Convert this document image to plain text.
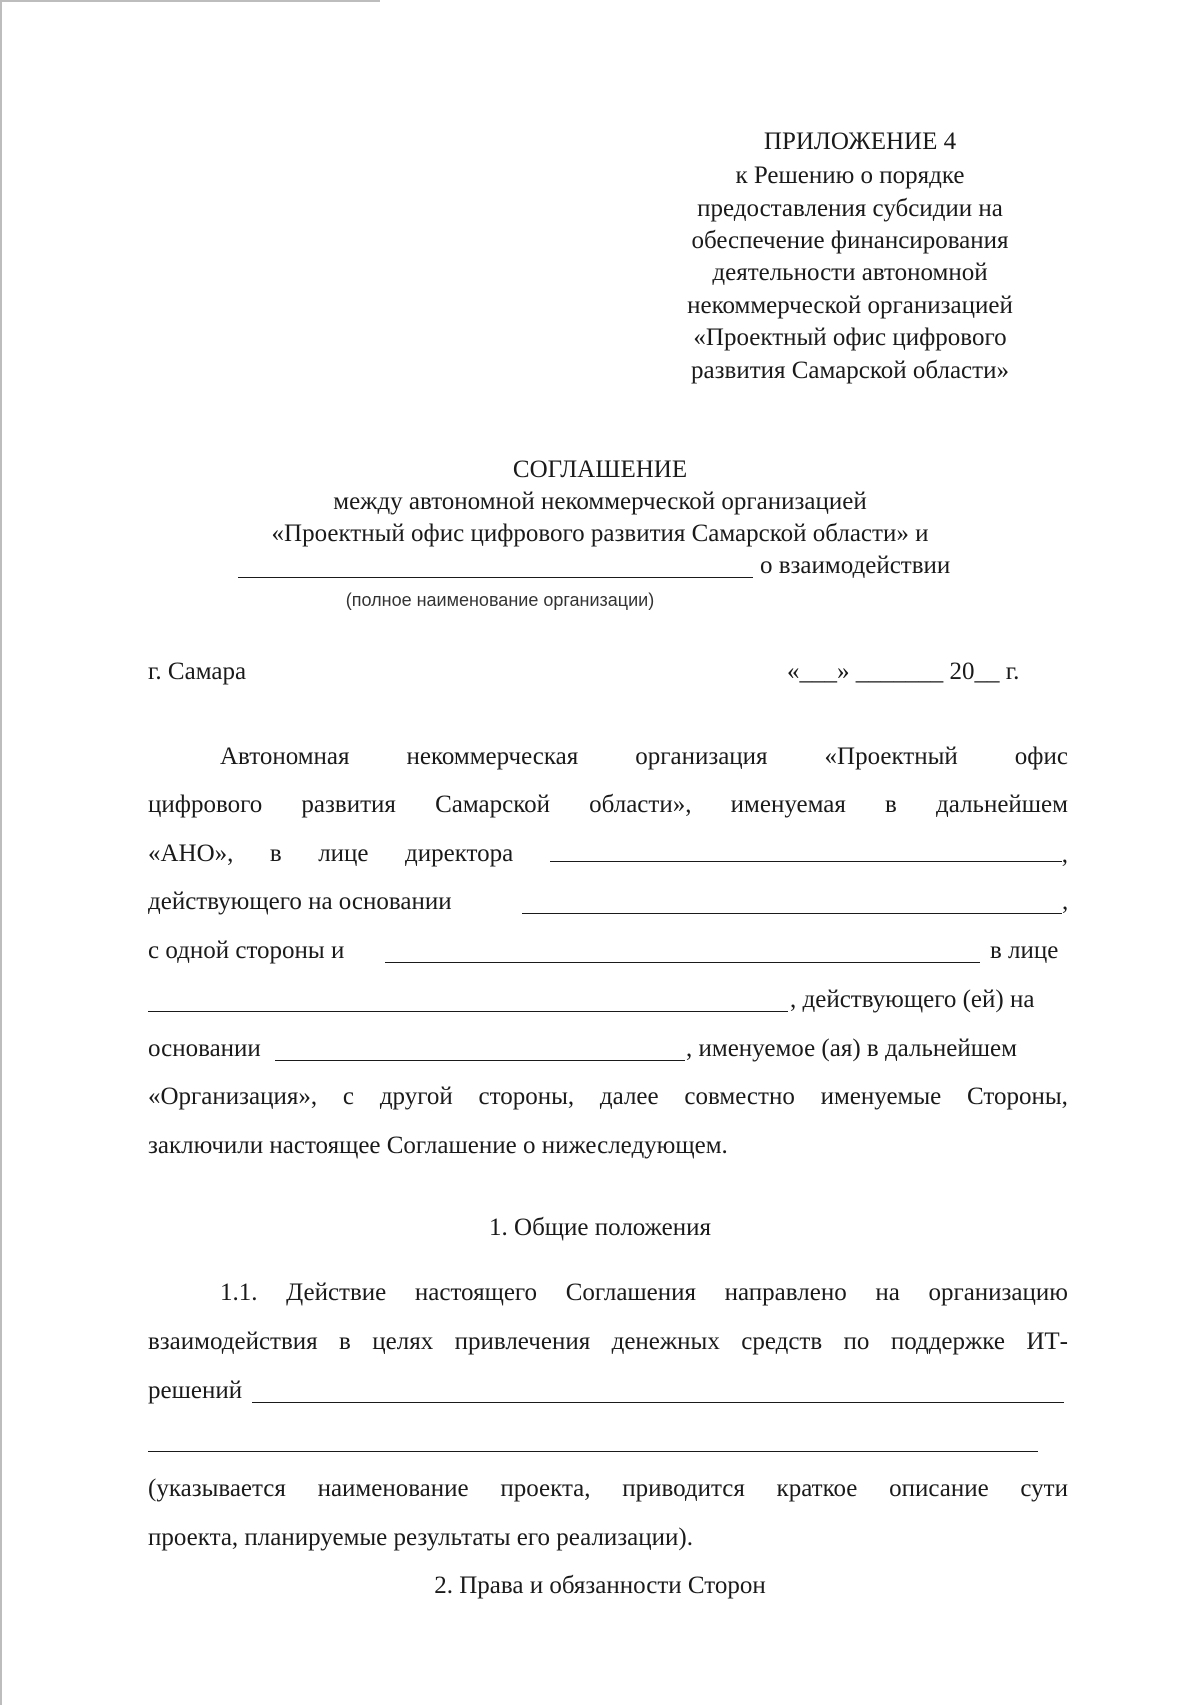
ПРИЛОЖЕНИЕ 4
к Решению о порядке
предоставления субсидии на
обеспечение финансирования
деятельности автономной
некоммерческой организацией
«Проектный офис цифрового
развития Самарской области»
СОГЛАШЕНИЕ
между автономной некоммерческой организацией
«Проектный офис цифрового развития Самарской области» и
о взаимодействии
(полное наименование организации)
г. Самара	«___» _______ 20__ г.
Автономная некоммерческая организация «Проектный офис
цифрового развития Самарской области», именуемая в дальнейшем
«АНО», в лице директора	,
действующего на основании	,
с одной стороны и	в лице
, действующего (ей) на
основании	, именуемое (ая) в дальнейшем
«Организация», с другой стороны, далее совместно именуемые Стороны,
заключили настоящее Соглашение о нижеследующем.
1. Общие положения
1.1. Действие настоящего Соглашения направлено на организацию
взаимодействия в целях привлечения денежных средств по поддержке ИТ-
решений
(указывается наименование проекта, приводится краткое описание сути
проекта, планируемые результаты его реализации).
2. Права и обязанности Сторон
